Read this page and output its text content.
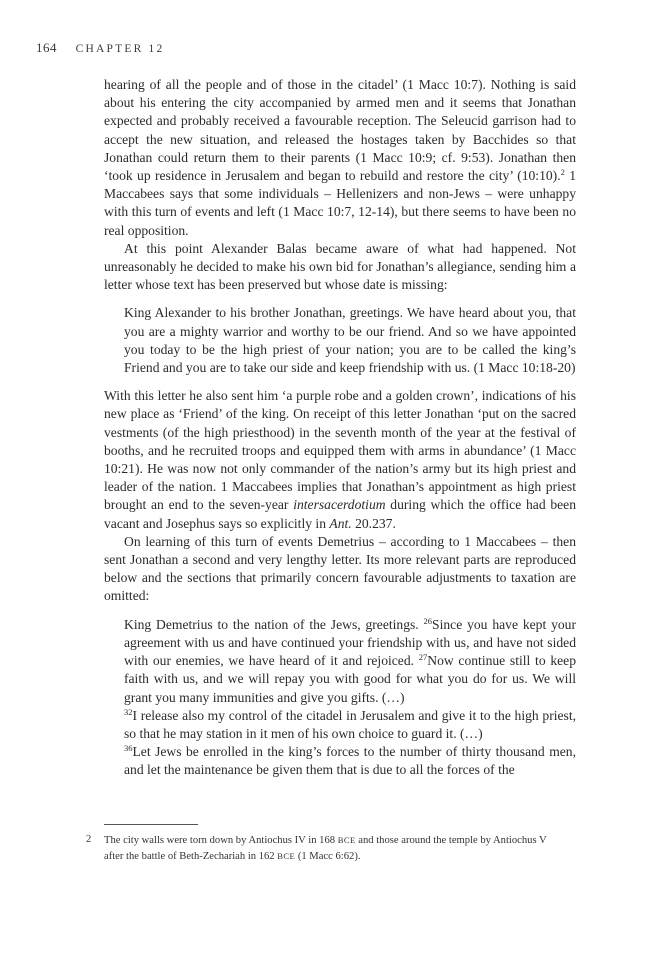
164 CHAPTER 12

hearing of all the people and of those in the citadel’ (1 Macc 10:7). Nothing is said about his entering the city accompanied by armed men and it seems that Jonathan expected and probably received a favourable reception. The Seleucid garrison had to accept the new situation, and released the hostages taken by Bacchides so that Jonathan could return them to their parents (1 Macc 10:9; cf. 9:53). Jonathan then ‘took up residence in Jerusalem and began to rebuild and restore the city’ (10:10).$^2$ 1 Maccabees says that some individuals – Hellenizers and non-Jews – were unhappy with this turn of events and left (1 Macc 10:7, 12-14), but there seems to have been no real opposition.

At this point Alexander Balas became aware of what had happened. Not unreasonably he decided to make his own bid for Jonathan’s allegiance, sending him a letter whose text has been preserved but whose date is missing:

King Alexander to his brother Jonathan, greetings. We have heard about you, that you are a mighty warrior and worthy to be our friend. And so we have appointed you today to be the high priest of your nation; you are to be called the king’s Friend and you are to take our side and keep friendship with us. (1 Macc 10:18-20)

With this letter he also sent him ‘a purple robe and a golden crown’, indications of his new place as ‘Friend’ of the king. On receipt of this letter Jonathan ‘put on the sacred vestments (of the high priesthood) in the seventh month of the year at the festival of booths, and he recruited troops and equipped them with arms in abundance’ (1 Macc 10:21). He was now not only commander of the nation’s army but its high priest and leader of the nation. 1 Maccabees implies that Jonathan’s appointment as high priest brought an end to the seven-year intersacerdotium during which the office had been vacant and Josephus says so explicitly in Ant. 20.237.

On learning of this turn of events Demetrius – according to 1 Maccabees – then sent Jonathan a second and very lengthy letter. Its more relevant parts are reproduced below and the sections that primarily concern favourable adjustments to taxation are omitted:

King Demetrius to the nation of the Jews, greetings. $^{26}$Since you have kept your agreement with us and have continued your friendship with us, and have not sided with our enemies, we have heard of it and rejoiced. $^{27}$Now continue still to keep faith with us, and we will repay you with good for what you do for us. We will grant you many immunities and give you gifts. (…)

$^{32}$I release also my control of the citadel in Jerusalem and give it to the high priest, so that he may station in it men of his own choice to guard it. (…)

$^{36}$Let Jews be enrolled in the king’s forces to the number of thirty thousand men, and let the maintenance be given them that is due to all the forces of the

2 The city walls were torn down by Antiochus IV in 168 BCE and those around the temple by Antiochus V after the battle of Beth-Zechariah in 162 BCE (1 Macc 6:62).
